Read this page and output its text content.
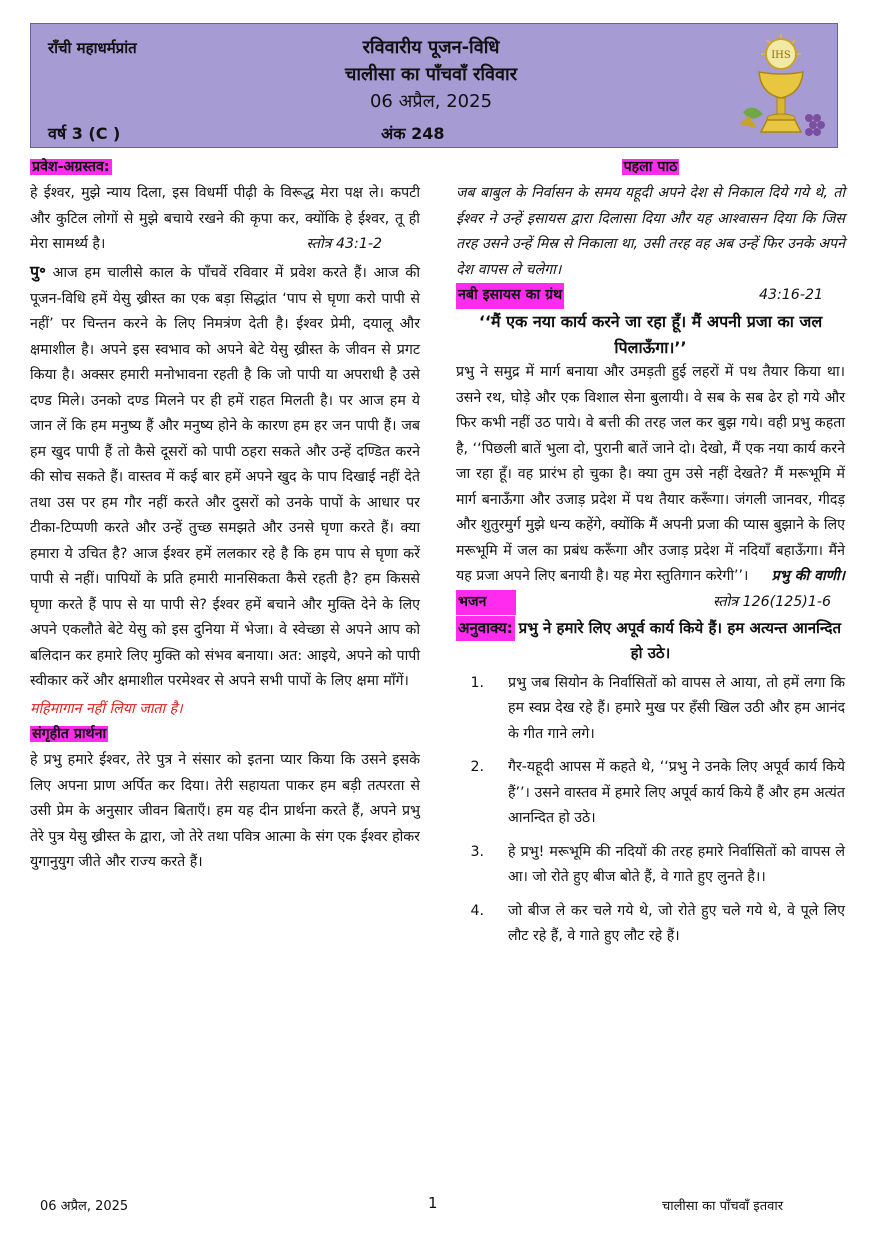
राँची महाधर्मप्रांत	रविवारीय पूजन-विधि
चालीसा का पाँचवाँ रविवार
06 अप्रैल, 2025
वर्ष 3 (C )	अंक 248
IHS
प्रवेश-अग्रस्तव:

हे ईश्वर, मुझे न्याय दिला, इस विधर्मी पीढ़ी के विरूद्ध मेरा पक्ष ले। कपटी और कुटिल लोगों से मुझे बचाये रखने की कृपा कर, क्योंकि हे ईश्वर, तू ही मेरा सामर्थ्य है।	स्तोत्र 43:1-2

पु॰ आज हम चालीसे काल के पाँचवें रविवार में प्रवेश करते हैं। आज की पूजन-विधि हमें येसु ख्रीस्त का एक बड़ा सिद्धांत ‘पाप से घृणा करो पापी से नहीं’ पर चिन्तन करने के लिए निमत्रंण देती है। ईश्वर प्रेमी, दयालू और क्षमाशील है। अपने इस स्वभाव को अपने बेटे येसु ख्रीस्त के जीवन से प्रगट किया है। अक्सर हमारी मनोभावना रहती है कि जो पापी या अपराधी है उसे दण्ड मिले। उनको दण्ड मिलने पर ही हमें राहत मिलती है। पर आज हम ये जान लें कि हम मनुष्य हैं और मनुष्य होने के कारण हम हर जन पापी हैं। जब हम खुद पापी हैं तो कैसे दूसरों को पापी ठहरा सकते और उन्हें दण्डित करने की सोच सकते हैं। वास्तव में कई बार हमें अपने खुद के पाप दिखाई नहीं देते तथा उस पर हम गौर नहीं करते और दुसरों को उनके पापों के आधार पर टीका-टिप्पणी करते और उन्हें तुच्छ समझते और उनसे घृणा करते हैं। क्या हमारा ये उचित है? आज ईश्वर हमें ललकार रहे है कि हम पाप से घृणा करें पापी से नहीं। पापियों के प्रति हमारी मानसिकता कैसे रहती है? हम किससे घृणा करते हैं पाप से या पापी से? ईश्वर हमें बचाने और मुक्ति देने के लिए अपने एकलौते बेटे येसु को इस दुनिया में भेजा। वे स्वेच्छा से अपने आप को बलिदान कर हमारे लिए मुक्ति को संभव बनाया। अत: आइये, अपने को पापी स्वीकार करें और क्षमाशील परमेश्वर से अपने सभी पापों के लिए क्षमा माँगें।

महिमागान नहीं लिया जाता है।
संगृहीत प्रार्थना

हे प्रभु हमारे ईश्वर, तेरे पुत्र ने संसार को इतना प्यार किया कि उसने इसके लिए अपना प्राण अर्पित कर दिया। तेरी सहायता पाकर हम बड़ी तत्परता से उसी प्रेम के अनुसार जीवन बिताएँ। हम यह दीन प्रार्थना करते हैं, अपने प्रभु तेरे पुत्र येसु ख्रीस्त के द्वारा, जो तेरे तथा पवित्र आत्मा के संग एक ईश्वर होकर युगानुयुग जीते और राज्य करते हैं।

पहला पाठ

जब बाबुल के निर्वासन के समय यहूदी अपने देश से निकाल दिये गये थे, तो ईश्वर ने उन्हें इसायस द्वारा दिलासा दिया और यह आश्वासन दिया कि जिस तरह उसने उन्हें मिस्र से निकाला था, उसी तरह वह अब उन्हें फिर उनके अपने देश वापस ले चलेगा।

नबी इसायस का ग्रंथ	43:16-21
‘‘मैं एक नया कार्य करने जा रहा हूँ। मैं अपनी प्रजा का जल पिलाऊँगा।’’

प्रभु ने समुद्र में मार्ग बनाया और उमड़ती हुई लहरों में पथ तैयार किया था। उसने रथ, घोड़े और एक विशाल सेना बुलायी। वे सब के सब ढेर हो गये और फिर कभी नहीं उठ पाये। वे बत्ती की तरह जल कर बुझ गये। वही प्रभु कहता है, ‘‘पिछली बातें भुला दो, पुरानी बातें जाने दो। देखो, मैं एक नया कार्य करने जा रहा हूँ। वह प्रारंभ हो चुका है। क्या तुम उसे नहीं देखते? मैं मरूभूमि में मार्ग बनाऊँगा और उजाड़ प्रदेश में पथ तैयार करूँगा। जंगली जानवर, गीदड़ और शुतुरमुर्ग मुझे धन्य कहेंगे, क्योंकि मैं अपनी प्रजा की प्यास बुझाने के लिए मरूभूमि में जल का प्रबंध करूँगा और उजाड़ प्रदेश में नदियाँ बहाऊँगा। मैंने यह प्रजा अपने लिए बनायी है। यह मेरा स्तुतिगान करेगी’’। प्रभु की वाणी।

भजन	स्तोत्र 126(125)1-6
अनुवाक्य: प्रभु ने हमारे लिए अपूर्व कार्य किये हैं। हम अत्यन्त आनन्दित हो उठे।
1.	प्रभु जब सियोन के निर्वासितों को वापस ले आया, तो हमें लगा कि हम स्वप्न देख रहे हैं। हमारे मुख पर हँसी खिल उठी और हम आनंद के गीत गाने लगे।
2.	गैर-यहूदी आपस में कहते थे, ‘‘प्रभु ने उनके लिए अपूर्व कार्य किये हैं’’। उसने वास्तव में हमारे लिए अपूर्व कार्य किये हैं और हम अत्यंत आनन्दित हो उठे।
3.	हे प्रभु! मरूभूमि की नदियों की तरह हमारे निर्वासितों को वापस ले आ। जो रोते हुए बीज बोते हैं, वे गाते हुए लुनते है।।
4.	जो बीज ले कर चले गये थे, जो रोते हुए चले गये थे, वे पूले लिए लौट रहे हैं, वे गाते हुए लौट रहे हैं।
06 अप्रैल, 2025	1	चालीसा का पाँचवाँ इतवार
